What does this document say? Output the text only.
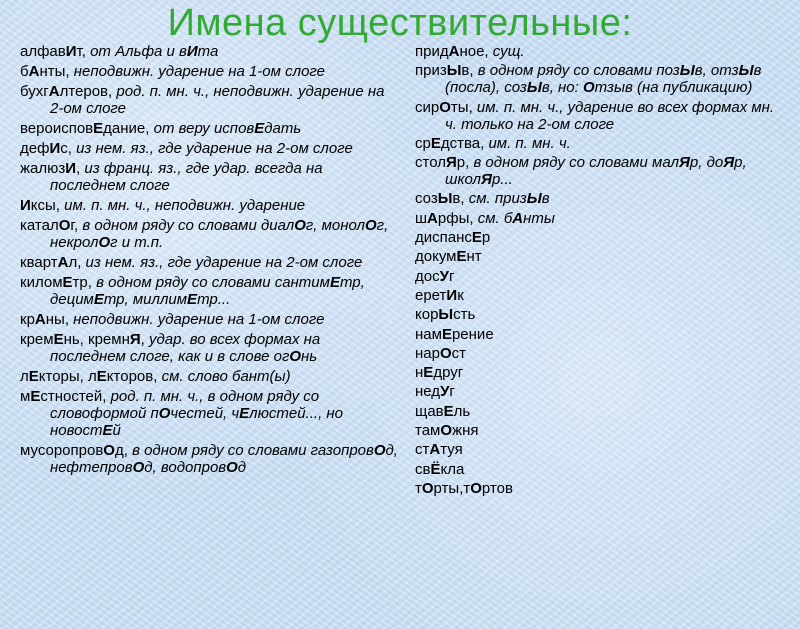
Имена существительные:
алфавИт, от Альфа и вИта
бАнты, неподвижн. ударение на 1-ом слоге
бухгАлтеров, род. п. мн. ч., неподвижн. ударение на 2-ом слоге
вероисповЕдание, от веру исповЕдать
дефИс, из нем. яз., где ударение на 2-ом слоге
жалюзИ, из франц. яз., где удар. всегда на последнем слоге
Иксы, им. п. мн. ч., неподвижн. ударение
каталОг, в одном ряду со словами диалОг, монолОг, некролОг и т.п.
квартАл, из нем. яз., где ударение на 2-ом слоге
киломЕтр, в одном ряду со словами сантимЕтр, децимЕтр, миллимЕтр...
крАны, неподвижн. ударение на 1-ом слоге
кремЕнь, кремнЯ, удар. во всех формах на последнем слоге, как и в слове огОнь
лЕкторы, лЕкторов, см. слово бант(ы)
мЕстностей, род. п. мн. ч., в одном ряду со словоформой пОчестей, чЕлюстей..., но новостЕй
мусоропровОд, в одном ряду со словами газопровОд, нефтепровОд, водопровОд
придАное, сущ.
призЫв, в одном ряду со словами позЫв, отзЫв (посла), созЫв, но: Отзыв (на публикацию)
сирОты, им. п. мн. ч., ударение во всех формах мн. ч. только на 2-ом слоге
срЕдства, им. п. мн. ч.
столЯр, в одном ряду со словами малЯр, доЯр, школЯр...
созЫв, см. призЫв
шАрфы, см. бАнты
диспансЕр
докумЕнт
досУг
еретИк
корЫсть
намЕрение
нарОст
нЕдруг
недУг
щавЕль
тамОжня
стАтуя
свЁкла
тОрты,тОртов
